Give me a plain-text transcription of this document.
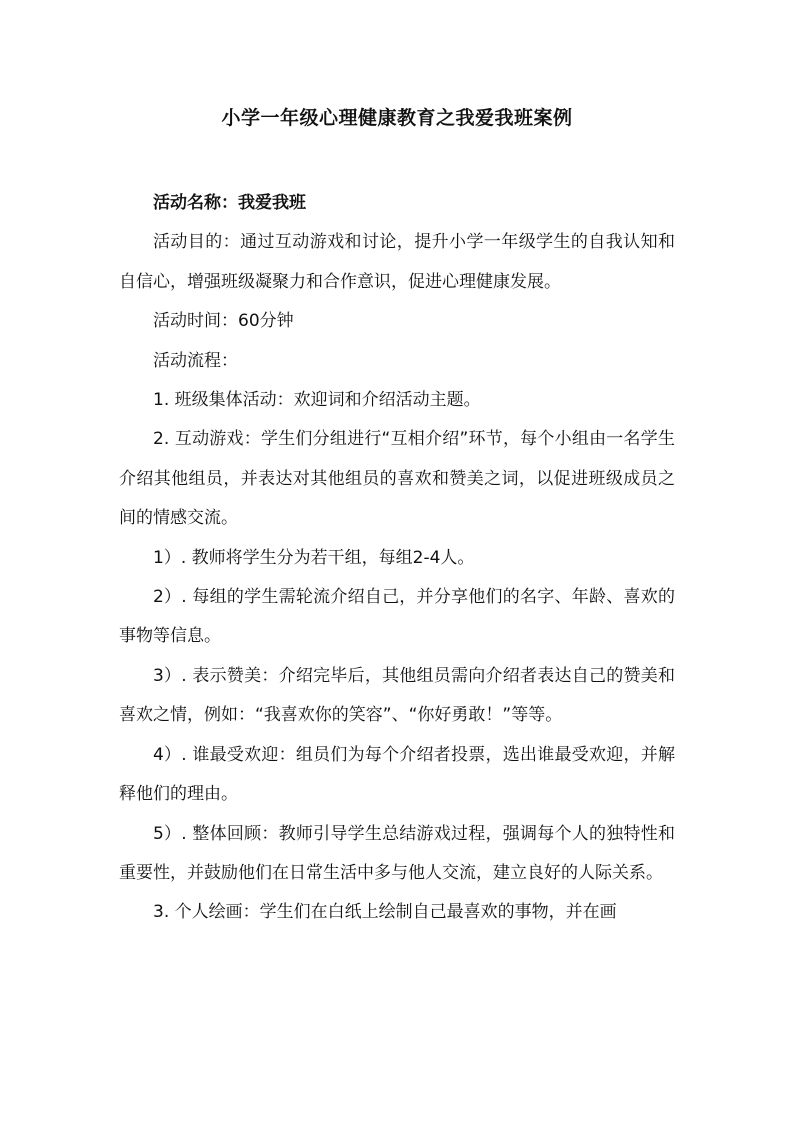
小学一年级心理健康教育之我爱我班案例

活动名称：我爱我班

活动目的：通过互动游戏和讨论，提升小学一年级学生的自我认知和自信心，增强班级凝聚力和合作意识，促进心理健康发展。

活动时间：60分钟

活动流程：

1. 班级集体活动：欢迎词和介绍活动主题。

2. 互动游戏：学生们分组进行“互相介绍”环节，每个小组由一名学生介绍其他组员，并表达对其他组员的喜欢和赞美之词，以促进班级成员之间的情感交流。

1）. 教师将学生分为若干组，每组2-4人。

2）. 每组的学生需轮流介绍自己，并分享他们的名字、年龄、喜欢的事物等信息。

3）. 表示赞美：介绍完毕后，其他组员需向介绍者表达自己的赞美和喜欢之情，例如：“我喜欢你的笑容”、“你好勇敢！”等等。

4）. 谁最受欢迎：组员们为每个介绍者投票，选出谁最受欢迎，并解释他们的理由。

5）. 整体回顾：教师引导学生总结游戏过程，强调每个人的独特性和重要性，并鼓励他们在日常生活中多与他人交流，建立良好的人际关系。

3. 个人绘画：学生们在白纸上绘制自己最喜欢的事物，并在画
